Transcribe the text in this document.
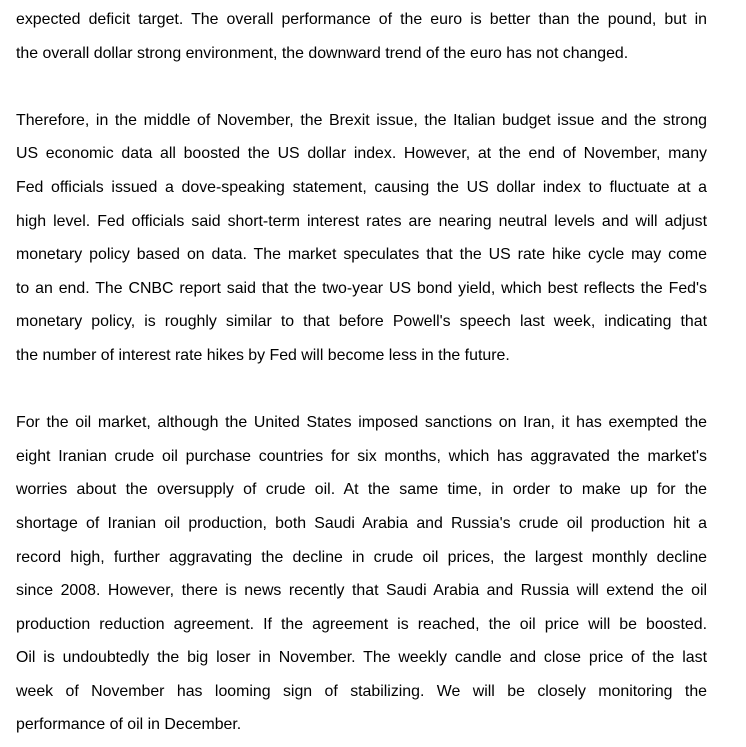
expected deficit target. The overall performance of the euro is better than the pound, but in
the overall dollar strong environment, the downward trend of the euro has not changed.
Therefore, in the middle of November, the Brexit issue, the Italian budget issue and the strong
US economic data all boosted the US dollar index. However, at the end of November, many
Fed officials issued a dove-speaking statement, causing the US dollar index to fluctuate at a
high level. Fed officials said short-term interest rates are nearing neutral levels and will adjust
monetary policy based on data. The market speculates that the US rate hike cycle may come
to an end. The CNBC report said that the two-year US bond yield, which best reflects the Fed's
monetary policy, is roughly similar to that before Powell's speech last week, indicating that
the number of interest rate hikes by Fed will become less in the future.
For the oil market, although the United States imposed sanctions on Iran, it has exempted the
eight Iranian crude oil purchase countries for six months, which has aggravated the market's
worries about the oversupply of crude oil. At the same time, in order to make up for the
shortage of Iranian oil production, both Saudi Arabia and Russia's crude oil production hit a
record high, further aggravating the decline in crude oil prices, the largest monthly decline
since 2008. However, there is news recently that Saudi Arabia and Russia will extend the oil
production reduction agreement. If the agreement is reached, the oil price will be boosted.
Oil is undoubtedly the big loser in November. The weekly candle and close price of the last
week of November has looming sign of stabilizing. We will be closely monitoring the
performance of oil in December.
